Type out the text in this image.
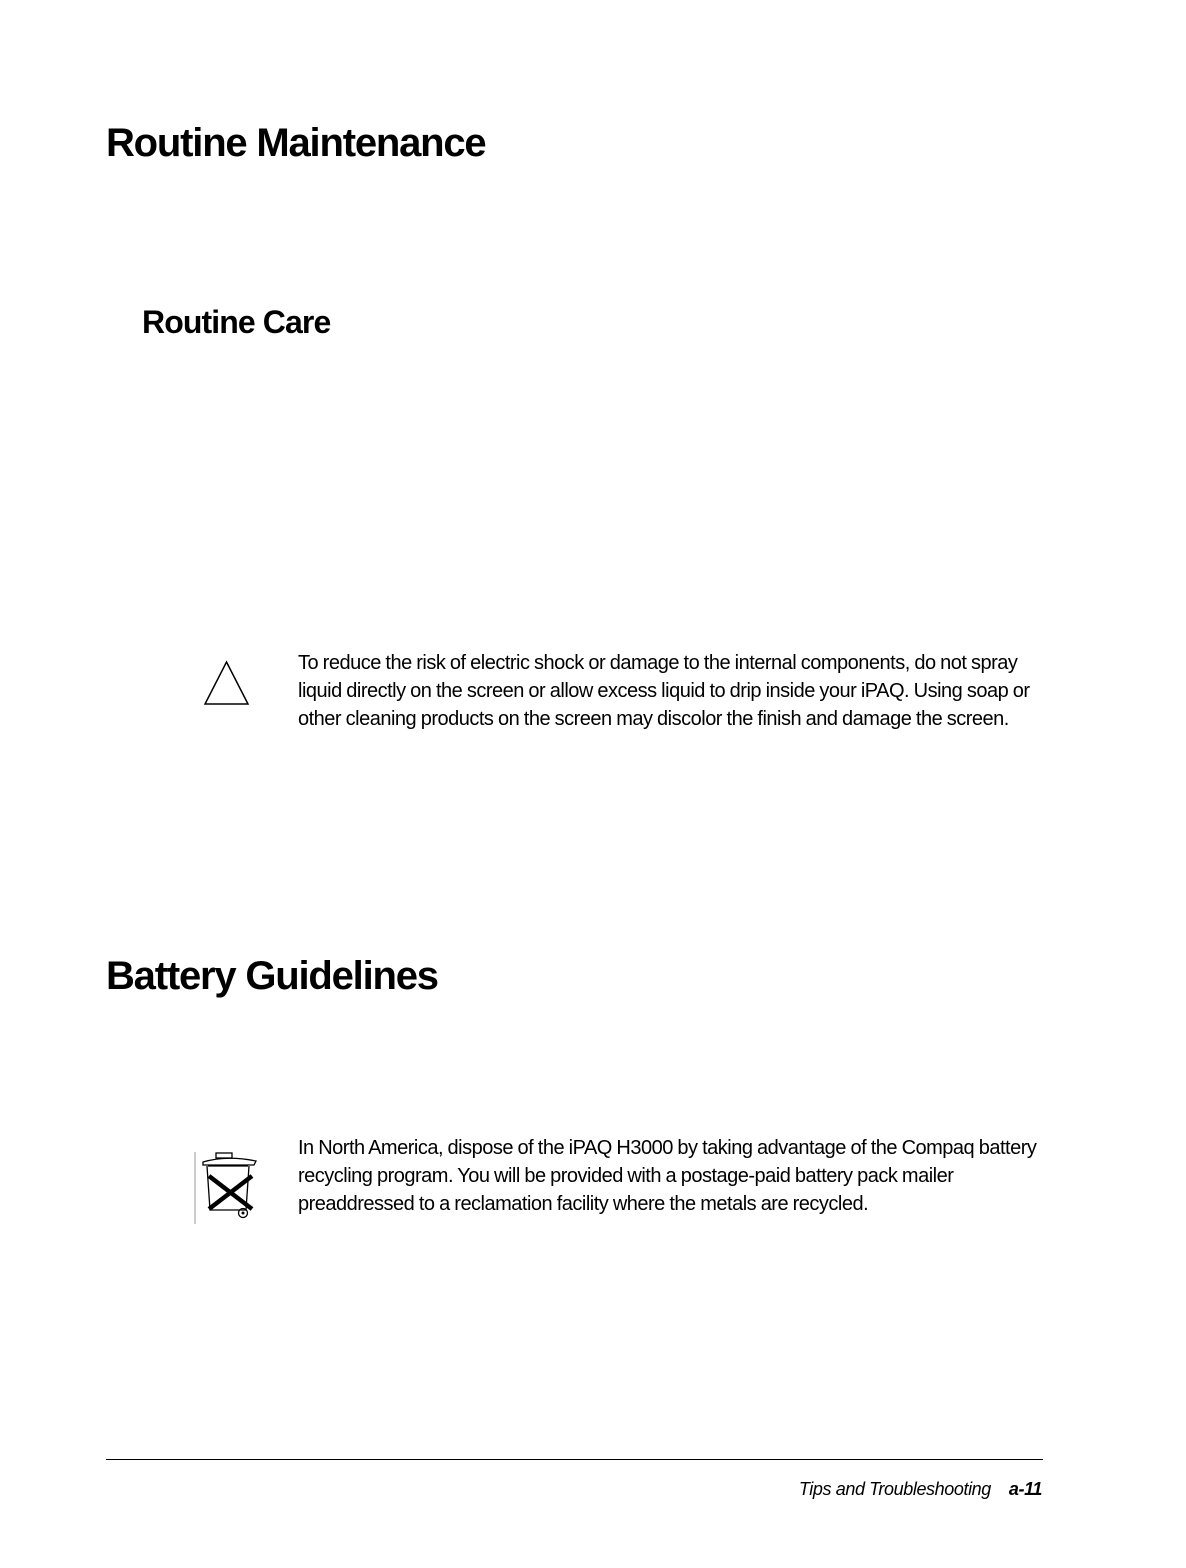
Routine Maintenance
Routine Care

To reduce the risk of electric shock or damage to the internal components, do not spray liquid directly on the screen or allow excess liquid to drip inside your iPAQ. Using soap or other cleaning products on the screen may discolor the finish and damage the screen.

Battery Guidelines

In North America, dispose of the iPAQ H3000 by taking advantage of the Compaq battery recycling program. You will be provided with a postage-paid battery pack mailer preaddressed to a reclamation facility where the metals are recycled.

Tips and Troubleshooting a-11
